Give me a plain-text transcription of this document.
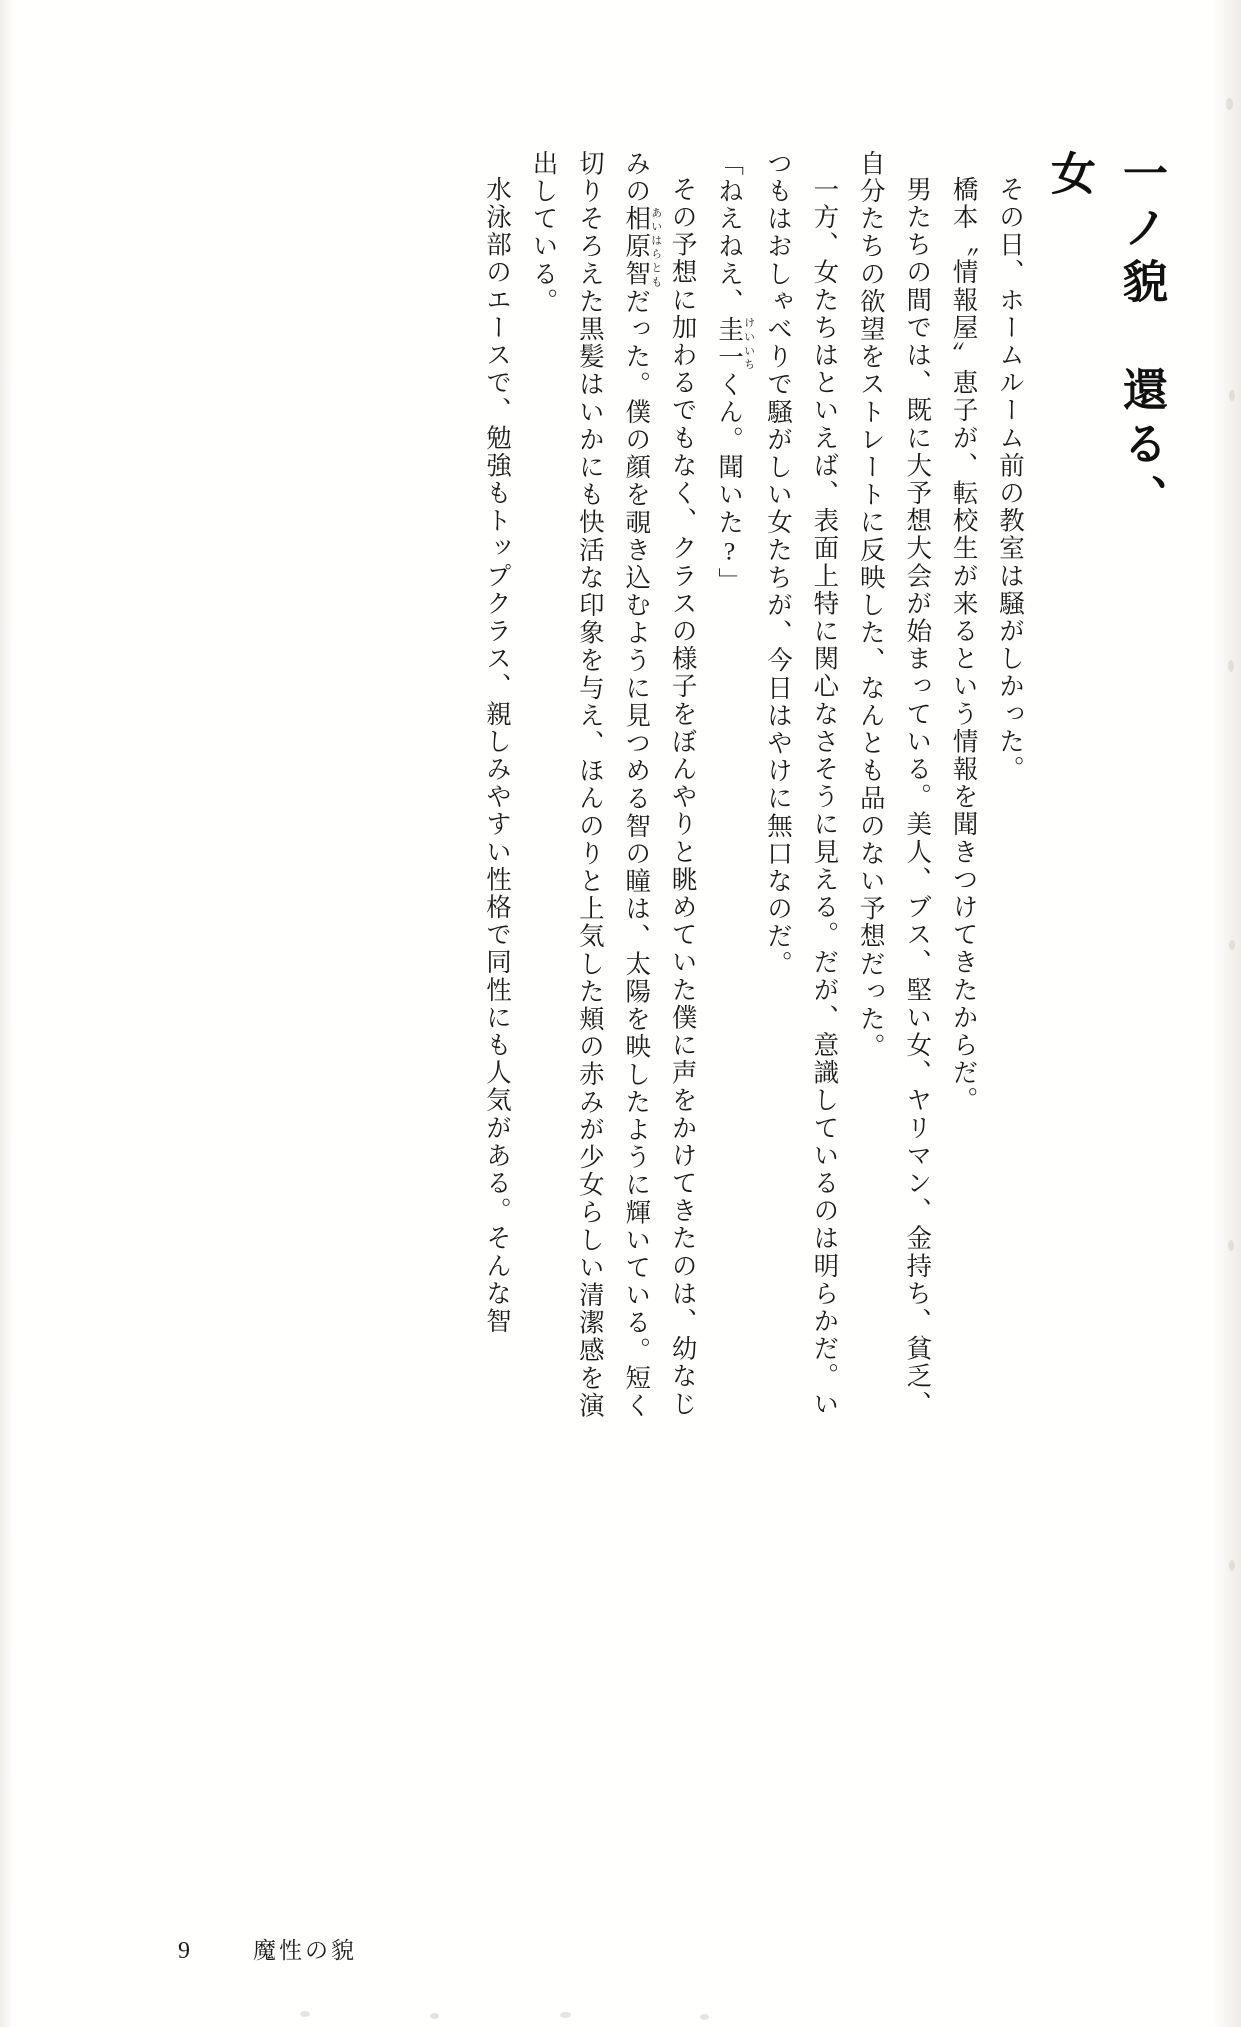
一ノ貌　還る、女

その日、ホームルーム前の教室は騒がしかった。

橋本〝情報屋〟恵子が、転校生が来るという情報を聞きつけてきたからだ。

男たちの間では、既に大予想大会が始まっている。美人、ブス、堅い女、ヤリマン、金持ち、貧乏、自分たちの欲望をストレートに反映した、なんとも品のない予想だった。

一方、女たちはといえば、表面上特に関心なさそうに見える。だが、意識しているのは明らかだ。いつもはおしゃべりで騒がしい女たちが、今日はやけに無口なのだ。

「ねえねえ、圭一けいいちくん。聞いた?」

その予想に加わるでもなく、クラスの様子をぼんやりと眺めていた僕に声をかけてきたのは、幼なじみの相原智あいはらともだった。僕の顔を覗き込むように見つめる智の瞳は、太陽を映したように輝いている。短く切りそろえた黒髪はいかにも快活な印象を与え、ほんのりと上気した頬の赤みが少女らしい清潔感を演出している。

水泳部のエースで、勉強もトップクラス、親しみやすい性格で同性にも人気がある。そんな智

9	魔性の貌
